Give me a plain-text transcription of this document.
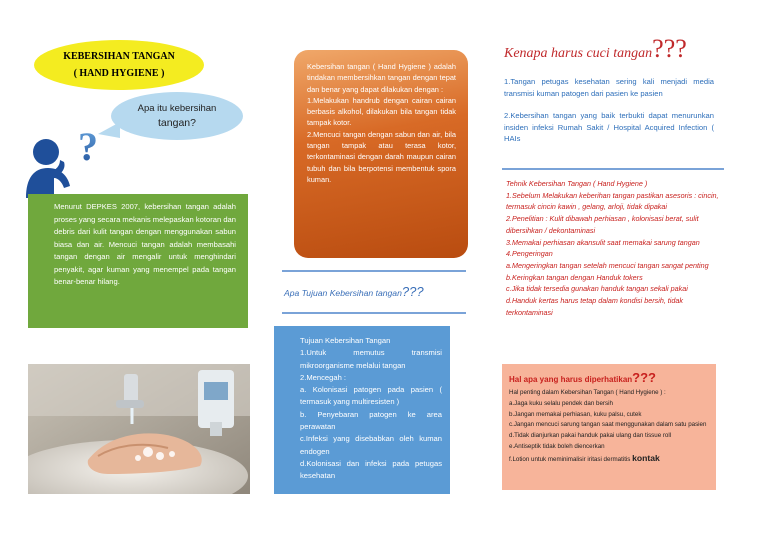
KEBERSIHAN TANGAN
( HAND HYGIENE )
Apa itu kebersihan
tangan?
?
Menurut DEPKES 2007, kebersihan tangan adalah proses yang secara mekanis melepaskan kotoran dan debris dari kulit tangan dengan menggunakan sabun biasa dan air. Mencuci tangan adalah membasahi tangan dengan air mengalir untuk menghindari penyakit, agar kuman yang menempel pada tangan benar-benar hilang.
Kebersihan tangan ( Hand Hygiene ) adalah tindakan membersihkan tangan dengan tepat dan benar yang dapat dilakukan dengan :
1.Melakukan handrub dengan cairan cairan berbasis alkohol, dilakukan bila tangan tidak tampak kotor.
2.Mencuci tangan dengan sabun dan air, bila tangan tampak atau terasa kotor, terkontaminasi dengan darah maupun cairan tubuh dan bila berpotensi membentuk spora kuman.
Apa Tujuan Kebersihan tangan???
Tujuan Kebersihan Tangan
1.Untuk memutus transmisi mikroorganisme melalui tangan
2.Mencegah :
a. Kolonisasi patogen pada pasien ( termasuk yang multiresisten )
b. Penyebaran patogen ke area perawatan
c.Infeksi yang disebabkan oleh kuman endogen
d.Kolonisasi dan infeksi pada petugas kesehatan
Kenapa harus cuci tangan???

1.Tangan petugas kesehatan sering kali menjadi media transmisi kuman patogen dari pasien ke pasien

2.Kebersihan tangan yang baik terbukti dapat menurunkan insiden infeksi Rumah Sakit / Hospital Acquired Infection ( HAIs

Tehnik Kebersihan Tangan ( Hand Hygiene )
1.Sebelum Melakukan keberihan tangan pastikan asesoris : cincin, termasuk cincin kawin , gelang, arloji, tidak dipakai
2.Penelitian : Kulit dibawah perhiasan , kolonisasi berat, sulit dibersihkan / dekontaminasi
3.Memakai perhiasan akansulit saat memakai sarung tangan
4.Pengeringan
a.Mengeringkan tangan setelah mencuci tangan sangat penting
b.Keringkan tangan dengan Handuk tokers
c.Jika tidak tersedia gunakan handuk tangan sekali pakai
d.Handuk kertas harus tetap dalam kondisi bersih, tidak terkontaminasi
Hal apa yang harus diperhatikan???
Hal penting dalam Kebersihan Tangan ( Hand Hygiene ) :
a.Jaga kuku selalu pendek dan bersih
b.Jangan memakai perhiasan, kuku palsu, cutek
c.Jangan mencuci sarung tangan saat menggunakan dalam satu pasien
d.Tidak dianjurkan pakai handuk pakai ulang dan tissue roll
e.Antiseptik tidak boleh diencerkan
f.Lotion untuk meminimalisir iritasi dermatitis kontak
